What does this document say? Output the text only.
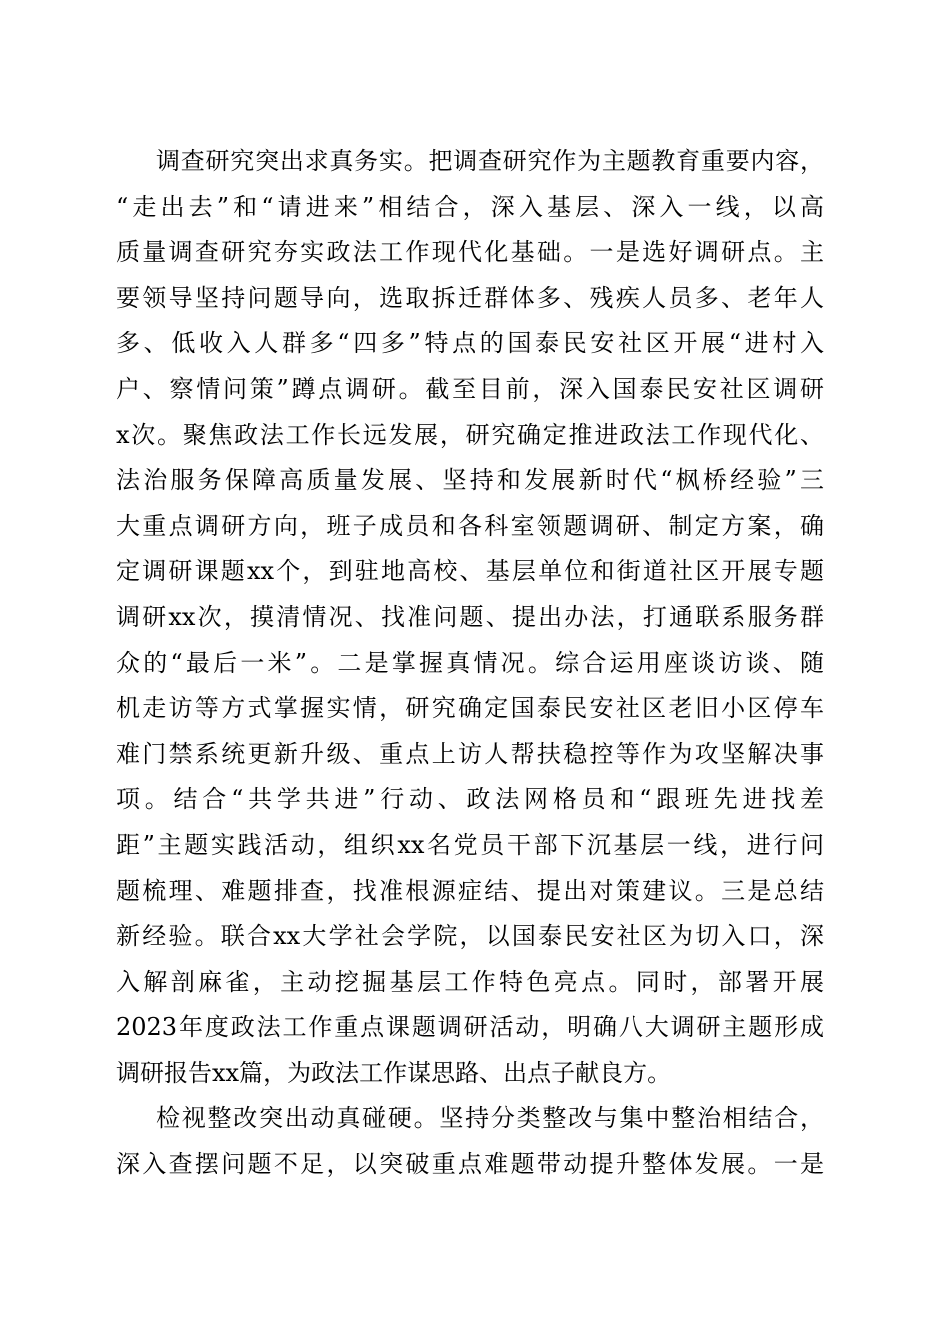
调查研究突出求真务实。把调查研究作为主题教育重要内容，
“走出去”和“请进来”相结合，深入基层、深入一线，以高
质量调查研究夯实政法工作现代化基础。一是选好调研点。主
要领导坚持问题导向，选取拆迁群体多、残疾人员多、老年人
多、低收入人群多“四多”特点的国泰民安社区开展“进村入
户、察情问策”蹲点调研。截至目前，深入国泰民安社区调研
x次。聚焦政法工作长远发展，研究确定推进政法工作现代化、
法治服务保障高质量发展、坚持和发展新时代“枫桥经验”三
大重点调研方向，班子成员和各科室领题调研、制定方案，确
定调研课题xx个，到驻地高校、基层单位和街道社区开展专题
调研xx次，摸清情况、找准问题、提出办法，打通联系服务群
众的“最后一米”。二是掌握真情况。综合运用座谈访谈、随
机走访等方式掌握实情，研究确定国泰民安社区老旧小区停车
难门禁系统更新升级、重点上访人帮扶稳控等作为攻坚解决事
项。结合“共学共进”行动、政法网格员和“跟班先进找差
距”主题实践活动，组织xx名党员干部下沉基层一线，进行问
题梳理、难题排查，找准根源症结、提出对策建议。三是总结
新经验。联合xx大学社会学院，以国泰民安社区为切入口，深
入解剖麻雀，主动挖掘基层工作特色亮点。同时，部署开展
2023年度政法工作重点课题调研活动，明确八大调研主题形成
调研报告xx篇，为政法工作谋思路、出点子献良方。
检视整改突出动真碰硬。坚持分类整改与集中整治相结合，
深入查摆问题不足，以突破重点难题带动提升整体发展。一是
